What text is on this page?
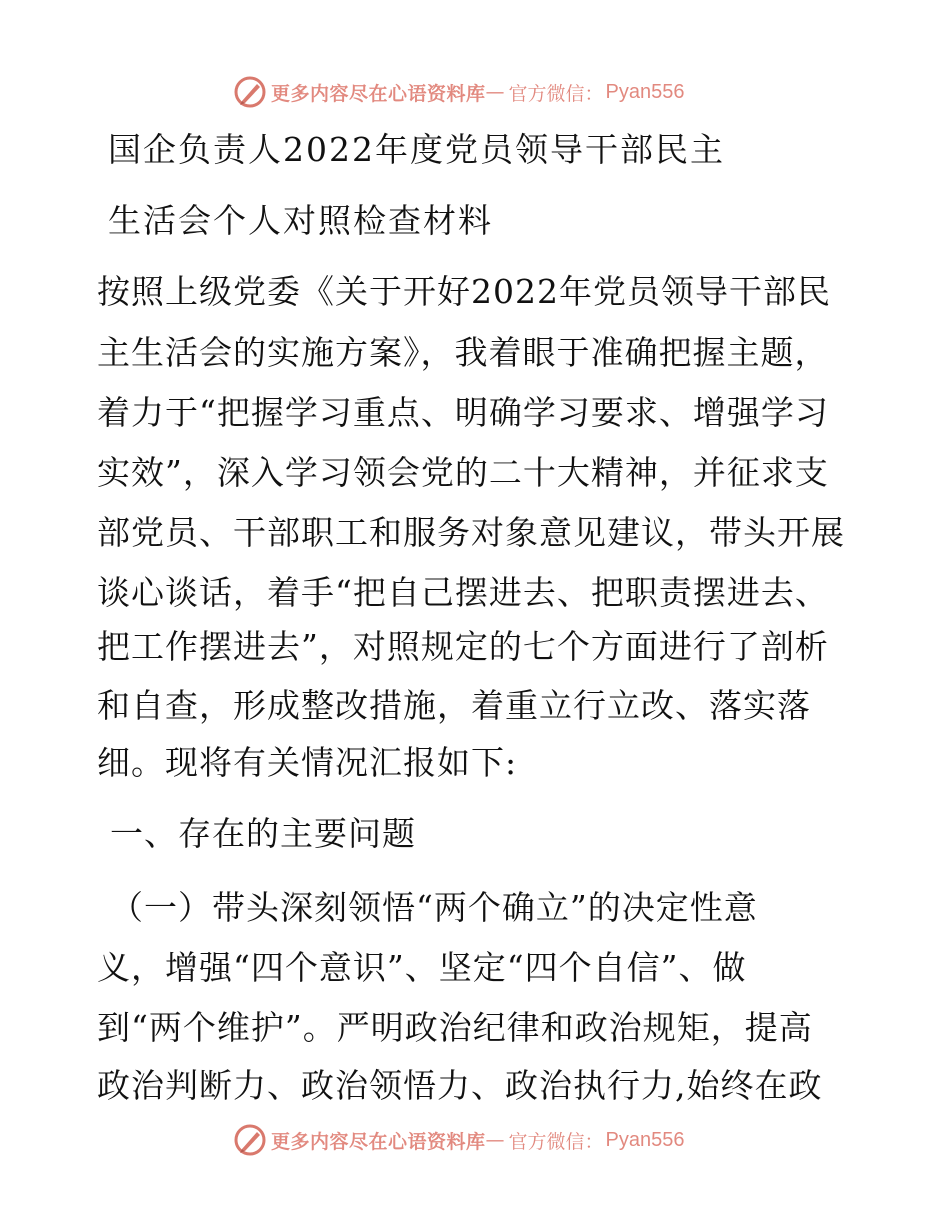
更多内容尽在心语资料库 — 官方微信： Pyan556
国企负责人2022年度党员领导干部民主
生活会个人对照检查材料
按照上级党委《关于开好2022年党员领导干部民
主生活会的实施方案》，我着眼于准确把握主题，
着力于“把握学习重点、明确学习要求、增强学习
实效”，深入学习领会党的二十大精神，并征求支
部党员、干部职工和服务对象意见建议，带头开展
谈心谈话，着手“把自己摆进去、把职责摆进去、
把工作摆进去”，对照规定的七个方面进行了剖析
和自查，形成整改措施，着重立行立改、落实落
细。现将有关情况汇报如下:
一、存在的主要问题
（一）带头深刻领悟“两个确立”的决定性意
义，增强“四个意识”、坚定“四个自信”、做
到“两个维护”。严明政治纪律和政治规矩，提高
政治判断力、政治领悟力、政治执行力,始终在政
更多内容尽在心语资料库 — 官方微信： Pyan556
